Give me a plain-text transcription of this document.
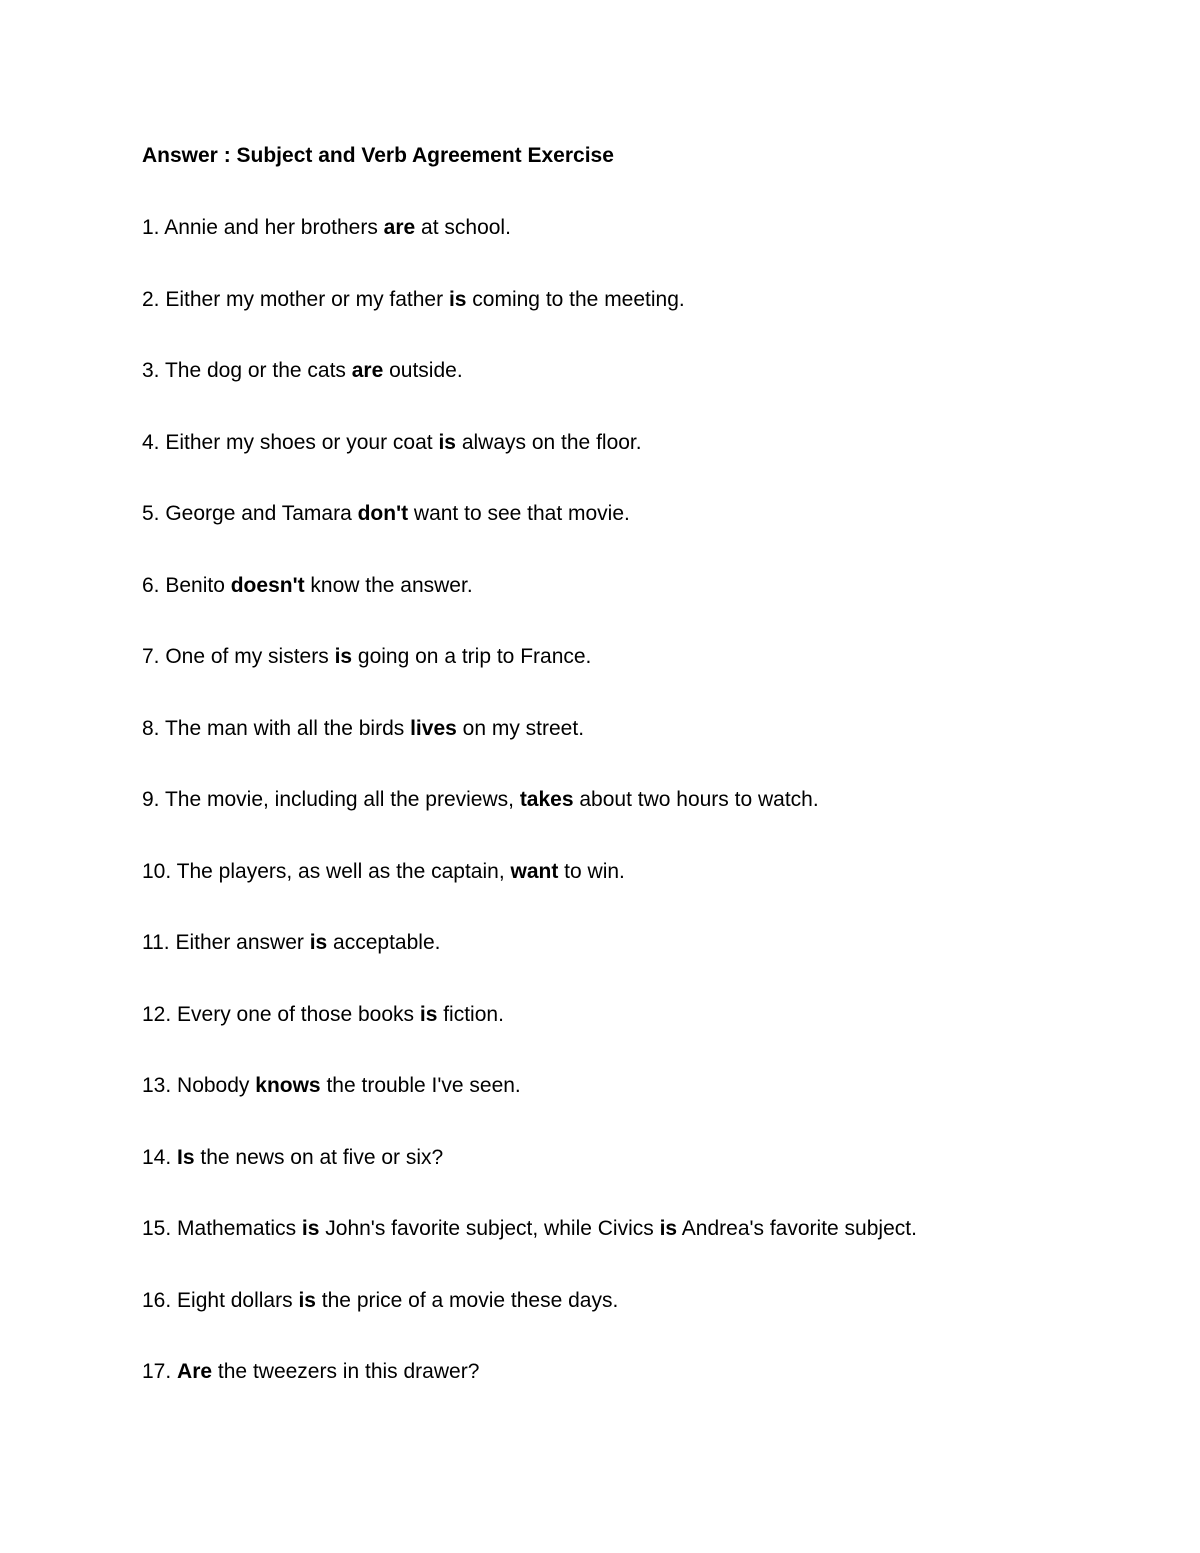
Answer : Subject and Verb Agreement Exercise
1. Annie and her brothers are at school.
2. Either my mother or my father is coming to the meeting.
3. The dog or the cats are outside.
4. Either my shoes or your coat is always on the floor.
5. George and Tamara don't want to see that movie.
6. Benito doesn't know the answer.
7. One of my sisters is going on a trip to France.
8. The man with all the birds lives on my street.
9. The movie, including all the previews, takes about two hours to watch.
10. The players, as well as the captain, want to win.
11. Either answer is acceptable.
12. Every one of those books is fiction.
13. Nobody knows the trouble I've seen.
14. Is the news on at five or six?
15. Mathematics is John's favorite subject, while Civics is Andrea's favorite subject.
16. Eight dollars is the price of a movie these days.
17. Are the tweezers in this drawer?
